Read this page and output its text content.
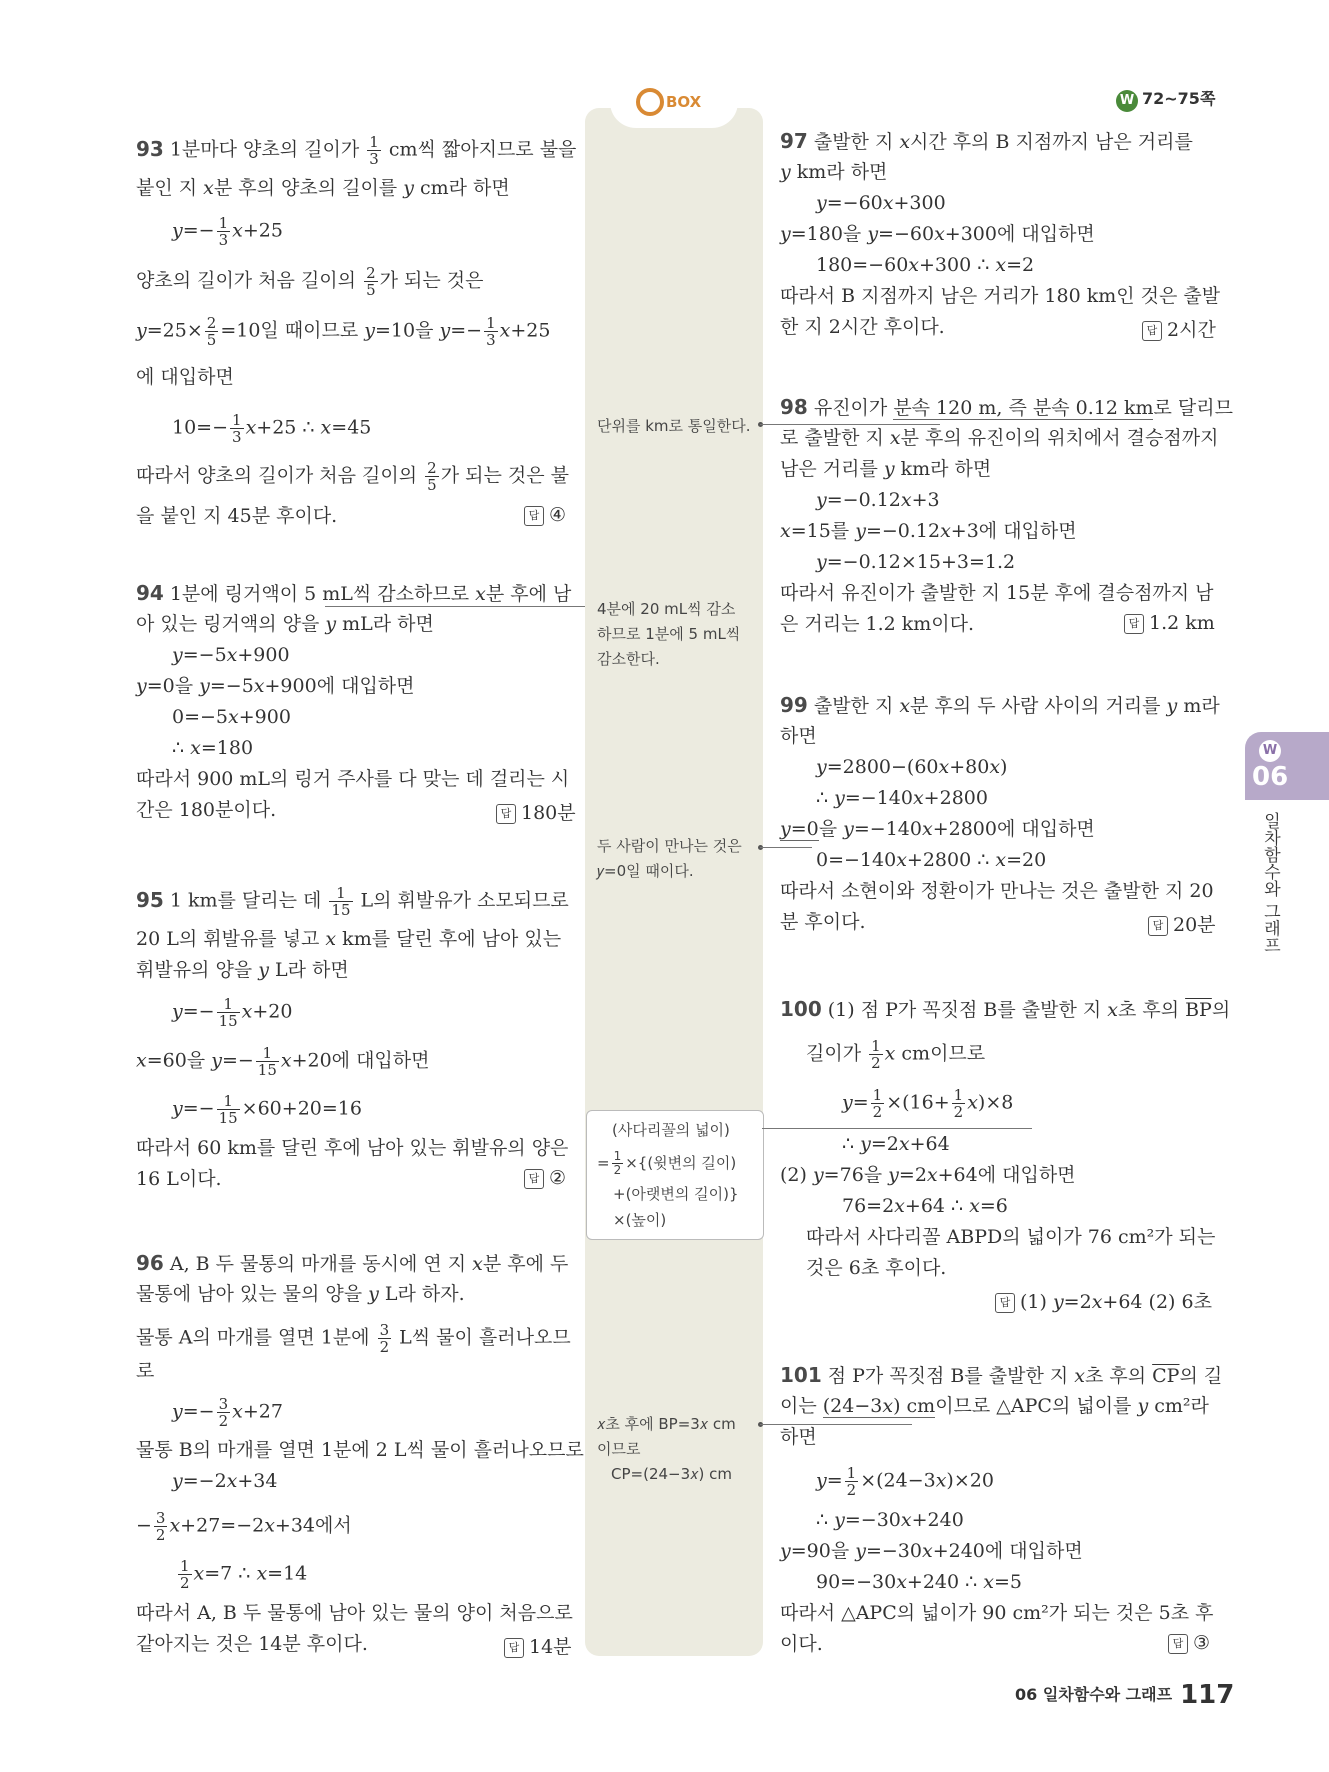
W 72~75쪽
BOX
W
06
일차함수와 그래프
93 1분마다 양초의 길이가 $\frac{1}{3}$ cm씩 짧아지므로 불을
붙인 지 𝑥분 후의 양초의 길이를 𝑦 cm라 하면
𝑦=− $\frac{1}{3}$ 𝑥+25
양초의 길이가 처음 길이의 $\frac{2}{5}$ 가 되는 것은
𝑦=25× $\frac{2}{5} =10$일 때이므로 𝑦=10을 𝑦=− $\frac{1}{3}$ 𝑥+25
에 대입하면
$10=- \frac{1}{3}$ 𝑥+25 ∴ 𝑥=45
따라서 양초의 길이가 처음 길이의 $\frac{2}{5}$ 가 되는 것은 불
을 붙인 지 45분 후이다.	답 ④
94 1분에 링거액이 5 mL씩 감소하므로 𝑥분 후에 남
아 있는 링거액의 양을 𝑦 mL라 하면
𝑦=−5𝑥+900
𝑦=0을 𝑦=−5𝑥+900에 대입하면
0=−5𝑥+900
∴ 𝑥=180
따라서 900 mL의 링거 주사를 다 맞는 데 걸리는 시
간은 180분이다.	답 180분
95 1 km를 달리는 데 $\frac{1}{15}$ L의 휘발유가 소모되므로
20 L의 휘발유를 넣고 𝑥 km를 달린 후에 남아 있는
휘발유의 양을 𝑦 L라 하면
𝑦=− $\frac{1}{15}$ 𝑥+20
𝑥=60을 𝑦=− $\frac{1}{15}$ 𝑥+20에 대입하면
𝑦=− $\frac{1}{15} \times 60+20=16$
따라서 60 km를 달린 후에 남아 있는 휘발유의 양은
16 L이다.	답 ②
96 A, B 두 물통의 마개를 동시에 연 지 𝑥분 후에 두
물통에 남아 있는 물의 양을 𝑦 L라 하자.
물통 A의 마개를 열면 1분에 $\frac{3}{2}$ L씩 물이 흘러나오므
로
𝑦=− $\frac{3}{2}$ 𝑥+27
물통 B의 마개를 열면 1분에 2 L씩 물이 흘러나오므로
𝑦=−2𝑥+34
− $\frac{3}{2}$ 𝑥+27=−2𝑥+34에서
$\frac{1}{2}$ 𝑥=7 ∴ 𝑥=14
따라서 A, B 두 물통에 남아 있는 물의 양이 처음으로
같아지는 것은 14분 후이다.	답 14분
단위를 km로 통일한다.
4분에 20 mL씩 감소
하므로 1분에 5 mL씩
감소한다.
두 사람이 만나는 것은
𝑦=0일 때이다.
(사다리꼴의 넓이)
= $\frac{1}{2}$ ×{(윗변의 길이)
+(아랫변의 길이)}
×(높이)
𝑥초 후에 BP=3𝑥 cm
이므로
CP=(24−3𝑥) cm
97 출발한 지 𝑥시간 후의 B 지점까지 남은 거리를
𝑦 km라 하면
𝑦=−60𝑥+300
𝑦=180을 𝑦=−60𝑥+300에 대입하면
180=−60𝑥+300 ∴ 𝑥=2
따라서 B 지점까지 남은 거리가 180 km인 것은 출발
한 지 2시간 후이다.	답 2시간
98 유진이가 분속 120 m, 즉 분속 0.12 km로 달리므
로 출발한 지 𝑥분 후의 유진이의 위치에서 결승점까지
남은 거리를 𝑦 km라 하면
𝑦=−0.12𝑥+3
𝑥=15를 𝑦=−0.12𝑥+3에 대입하면
𝑦=−0.12×15+3=1.2
따라서 유진이가 출발한 지 15분 후에 결승점까지 남
은 거리는 1.2 km이다.	답 1.2 km
99 출발한 지 𝑥분 후의 두 사람 사이의 거리를 𝑦 m라
하면
𝑦=2800−(60𝑥+80𝑥)
∴ 𝑦=−140𝑥+2800
𝑦=0을 𝑦=−140𝑥+2800에 대입하면
0=−140𝑥+2800 ∴ 𝑥=20
따라서 소현이와 정환이가 만나는 것은 출발한 지 20
분 후이다.	답 20분
100 (1) 점 P가 꼭짓점 B를 출발한 지 𝑥초 후의 $\overline{BP}$의
길이가 $\frac{1}{2}$ 𝑥 cm이므로
𝑦= $\frac{1}{2} \times(16+ \frac{1}{2}$ 𝑥)×8
∴ 𝑦=2𝑥+64
(2) 𝑦=76을 𝑦=2𝑥+64에 대입하면
76=2𝑥+64 ∴ 𝑥=6
따라서 사다리꼴 ABPD의 넓이가 76 cm²가 되는
것은 6초 후이다.
답 (1) 𝑦=2𝑥+64 (2) 6초
101 점 P가 꼭짓점 B를 출발한 지 𝑥초 후의 $\overline{CP}$의 길
이는 (24−3𝑥) cm이므로 △APC의 넓이를 𝑦 cm²라
하면
𝑦= $\frac{1}{2}$ ×(24−3𝑥)×20
∴ 𝑦=−30𝑥+240
𝑦=90을 𝑦=−30𝑥+240에 대입하면
90=−30𝑥+240 ∴ 𝑥=5
따라서 △APC의 넓이가 90 cm²가 되는 것은 5초 후
이다.	답 ③
06 일차함수와 그래프 117
